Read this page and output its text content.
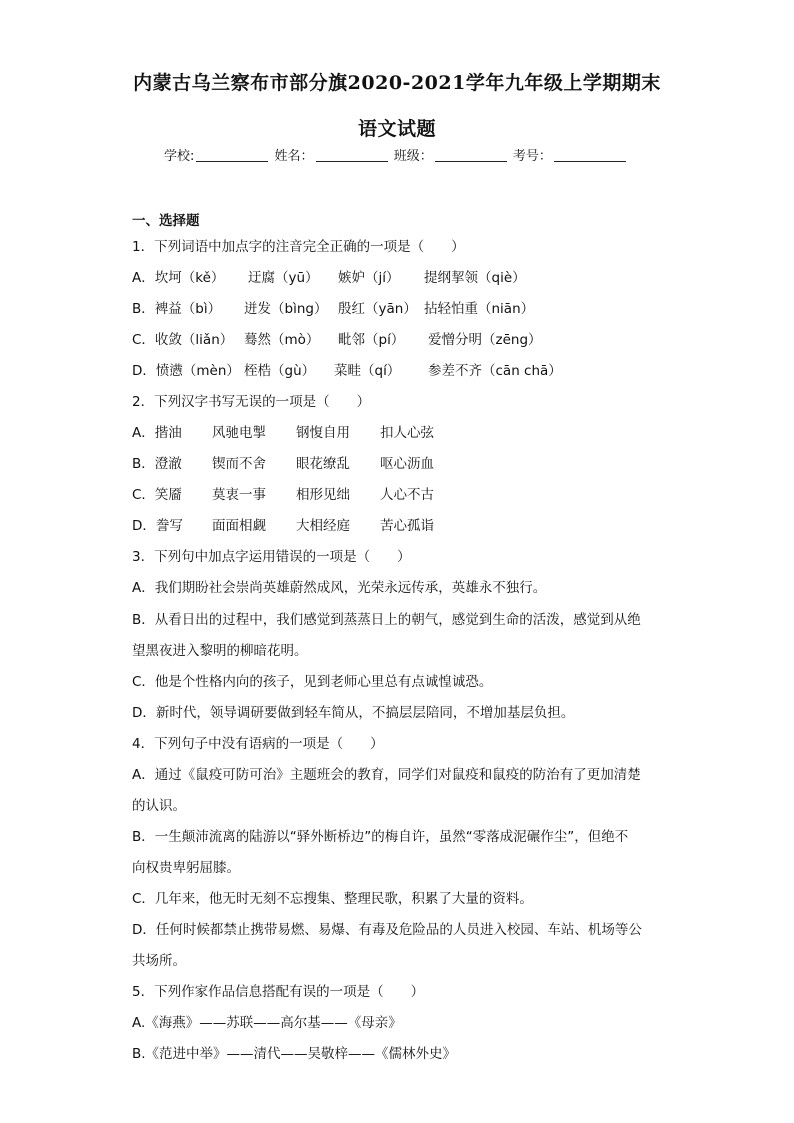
内蒙古乌兰察布市部分旗2020-2021学年九年级上学期期末
语文试题
学校:	姓名：	班级：	考号：
一、选择题
1．下列词语中加点字的注音完全正确的一项是（　　）
A．坎坷（kě） 迂腐（yū） 嫉妒（jí） 提纲挈领（qiè）
B．裨益（bì） 迸发（bìng） 殷红（yān） 拈轻怕重（niān）
C．收敛（liǎn） 蓦然（mò） 毗邻（pí） 爱憎分明（zēng）
D．愤懑（mèn） 桎梏（gù） 菜畦（qí） 参差不齐（cān chā）
2．下列汉字书写无误的一项是（　　）
A．揩油 风驰电掣 钢愎自用 扣人心弦
B．澄澈 锲而不舍 眼花缭乱 呕心沥血
C．笑靥 莫衷一事 相形见绌 人心不古
D．誊写 面面相觑 大相经庭 苦心孤诣
3．下列句中加点字运用错误的一项是（　　）
A．我们期盼社会崇尚英雄蔚然成风，光荣永远传承，英雄永不独行。
B．从看日出的过程中，我们感觉到蒸蒸日上的朝气，感觉到生命的活泼，感觉到从绝
望黑夜进入黎明的柳暗花明。
C．他是个性格内向的孩子，见到老师心里总有点诚惶诚恐。
D．新时代，领导调研要做到轻车简从，不搞层层陪同，不增加基层负担。
4．下列句子中没有语病的一项是（　　）
A．通过《鼠疫可防可治》主题班会的教育，同学们对鼠疫和鼠疫的防治有了更加清楚
的认识。
B．一生颠沛流离的陆游以“驿外断桥边”的梅自许，虽然“零落成泥碾作尘”，但绝不
向权贵卑躬屈膝。
C．几年来，他无时无刻不忘搜集、整理民歌，积累了大量的资料。
D．任何时候都禁止携带易燃、易爆、有毒及危险品的人员进入校园、车站、机场等公
共场所。
5．下列作家作品信息搭配有误的一项是（　　）
A.《海燕》——苏联——高尔基——《母亲》
B.《范进中举》——清代——吴敬梓——《儒林外史》
